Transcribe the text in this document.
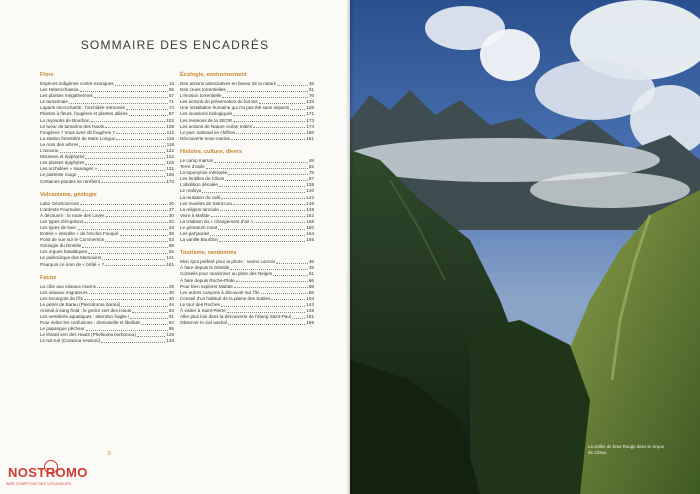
SOMMAIRE DES ENCADRÉS
Flore
Espèces indigènes contre exotiques	13
Les Heterochaenia	55
Les plantes mégathermes	57
Le tamarinaie	71
Laparis microchartis : l'orchidée retrouvée	74
Plantes à fleurs, fougères et plantes alliées	87
Le myosotis de Bourbon	102
Le tueur de tamarins des Hauts	108
Fougères ? Vous avez dit fougères ?	112
La station forestière de Mare Longue	116
Le nom des arbres	118
L'avoune	122
Mousses et épiphytes	122
Les plantes épiphytes	126
Les orchidées « sauvages »	131
Le palmiste rouge	166
Certaines plantes se raréfient	170
Volcanisme, géologie
Labo GéoSciences	20
L'ardente Fournaise	27
À découvrir : la route des Laves	30
Les types d'éruptions	32
Les types de lave	33
Entrée « interdite » de l'enclos Fouqué	39
Point de vue sur le Commerson	53
Géologie du Dimitile	58
Les orgues basaltiques	65
Le paléocirque des Marsouins	121
Pourquoi ce nom de « brûlé » ?	161
Faune
La côte aux oiseaux marins	28
Les oiseaux migrateurs	30
Les escargots de l'île	40
Le pétrel de Barau (Pterodroma baraui)	44
Animal à sang froid : le gecko vert des Hauts	83
Les vertébrés aquatiques : attention fragile !	91
Pour éviter les confusions : demoiselle et libellule	94
Le papangue pêcheur	95
Le lézard vert des Hauts (Phelsuma borbonica)	128
Le tuit-tuit (Coracina newtoni)	133
Écologie, environnement
Des actions associatives en faveur de la nature	46
Des crues torrentielles	61
L'érosion torrentielle	76
Les actions de préservation du tuit-tuit	133
Une installation humaine qui n'a pas été sans impacts	136
Les invasions biologiques	171
Les missions de la SEOR	173
Les actions de Nature océan Indien	174
Le parc national en chiffres	180
Découverte sous-marine	181
Histoire, culture, divers
Le camp marron	48
Terre d'asile	62
La toponymie métissée	79
Les lentilles de Cilaos	87
L'abolition décalée	138
Le maloya	140
La mutation du café	142
Les musées de Saint-Leu	146
La religion tamoule	148
Vivre à Mafate	152
La tradition du « changement d'air »	156
Le géranium rosat	160
Les pat'jaunes	164
La vanille Bourbon	165
Tourisme, randonnée
Mon spot préféré pour la photo : ravine Lacroix	46
À faire depuis le Dimitile	49
Conseils pour randonner au piton des Neiges	61
À faire depuis Roche-Plate	66
Pour bien explorer Mafate	68
Les autres canyons à découvrir sur l'île	86
Conseil d'un habitué de la plaine des Sables	104
Le tour des Roches	143
À visiter à Saint-Pierre	149
Aller plus loin dans la découverte de l'étang Saint-Paul	181
Observer le ciel austral	185
8
NOSTROMO
WEB COMPTOIR DES VOYAGEURS
La vallée de bras Rouge dans le cirque de Cilaos.
